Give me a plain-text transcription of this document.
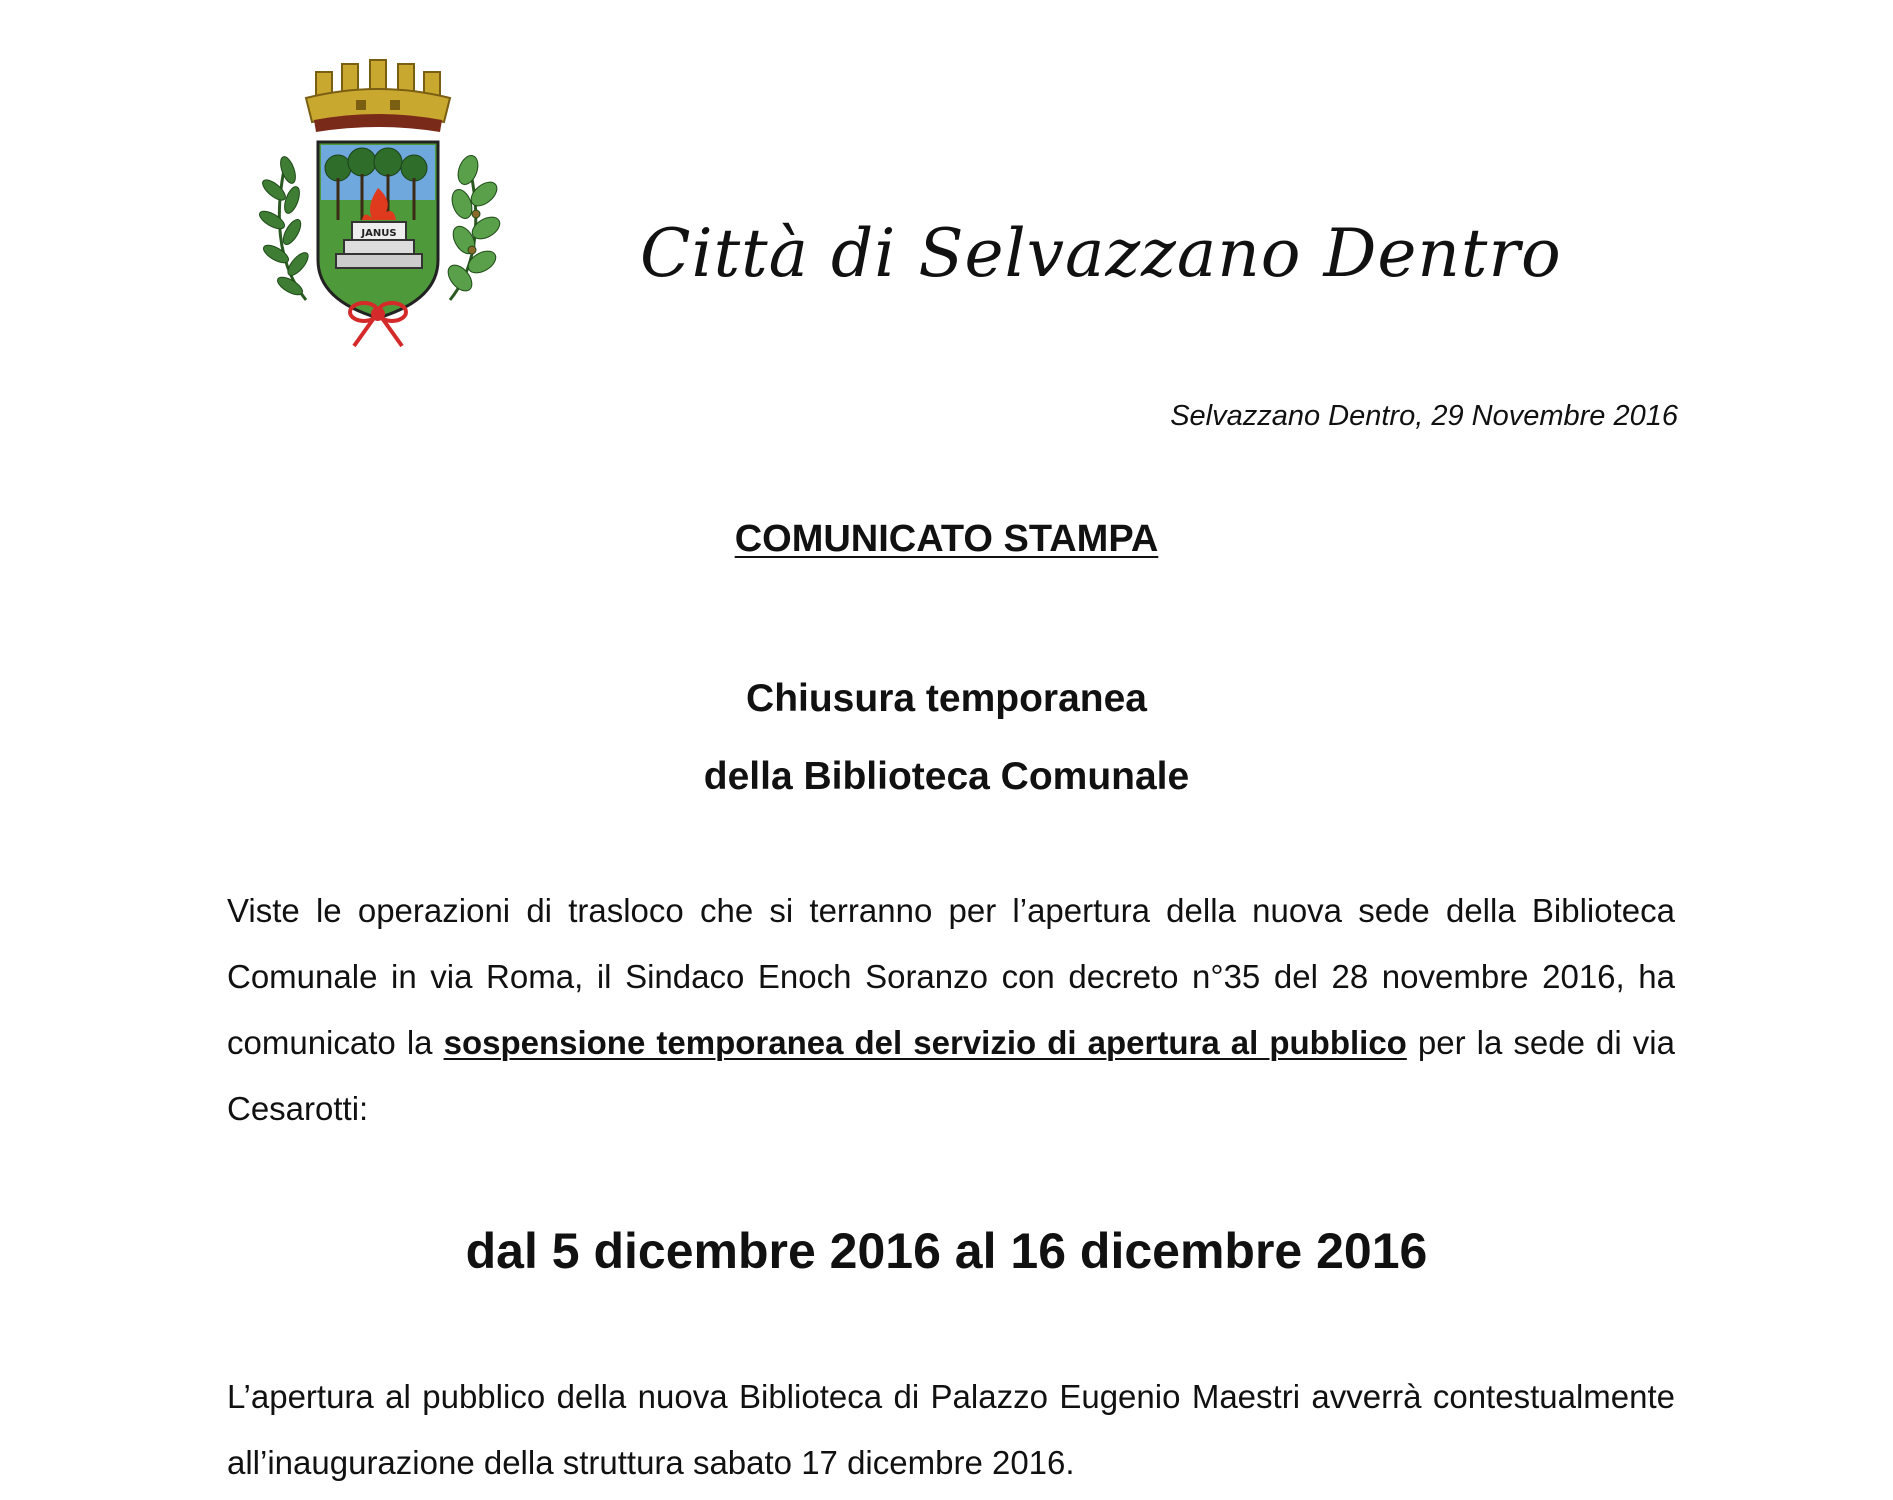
JANUS	Città di Selvazzano Dentro
Selvazzano Dentro, 29 Novembre 2016
COMUNICATO STAMPA
Chiusura temporanea
della Biblioteca Comunale
Viste le operazioni di trasloco che si terranno per l’apertura della nuova sede della Biblioteca Comunale in via Roma, il Sindaco Enoch Soranzo con decreto n°35 del 28 novembre 2016, ha comunicato la sospensione temporanea del servizio di apertura al pubblico per la sede di via Cesarotti:
dal 5 dicembre 2016 al 16 dicembre 2016
L’apertura al pubblico della nuova Biblioteca di Palazzo Eugenio Maestri avverrà contestualmente all’inaugurazione della struttura sabato 17 dicembre 2016.
